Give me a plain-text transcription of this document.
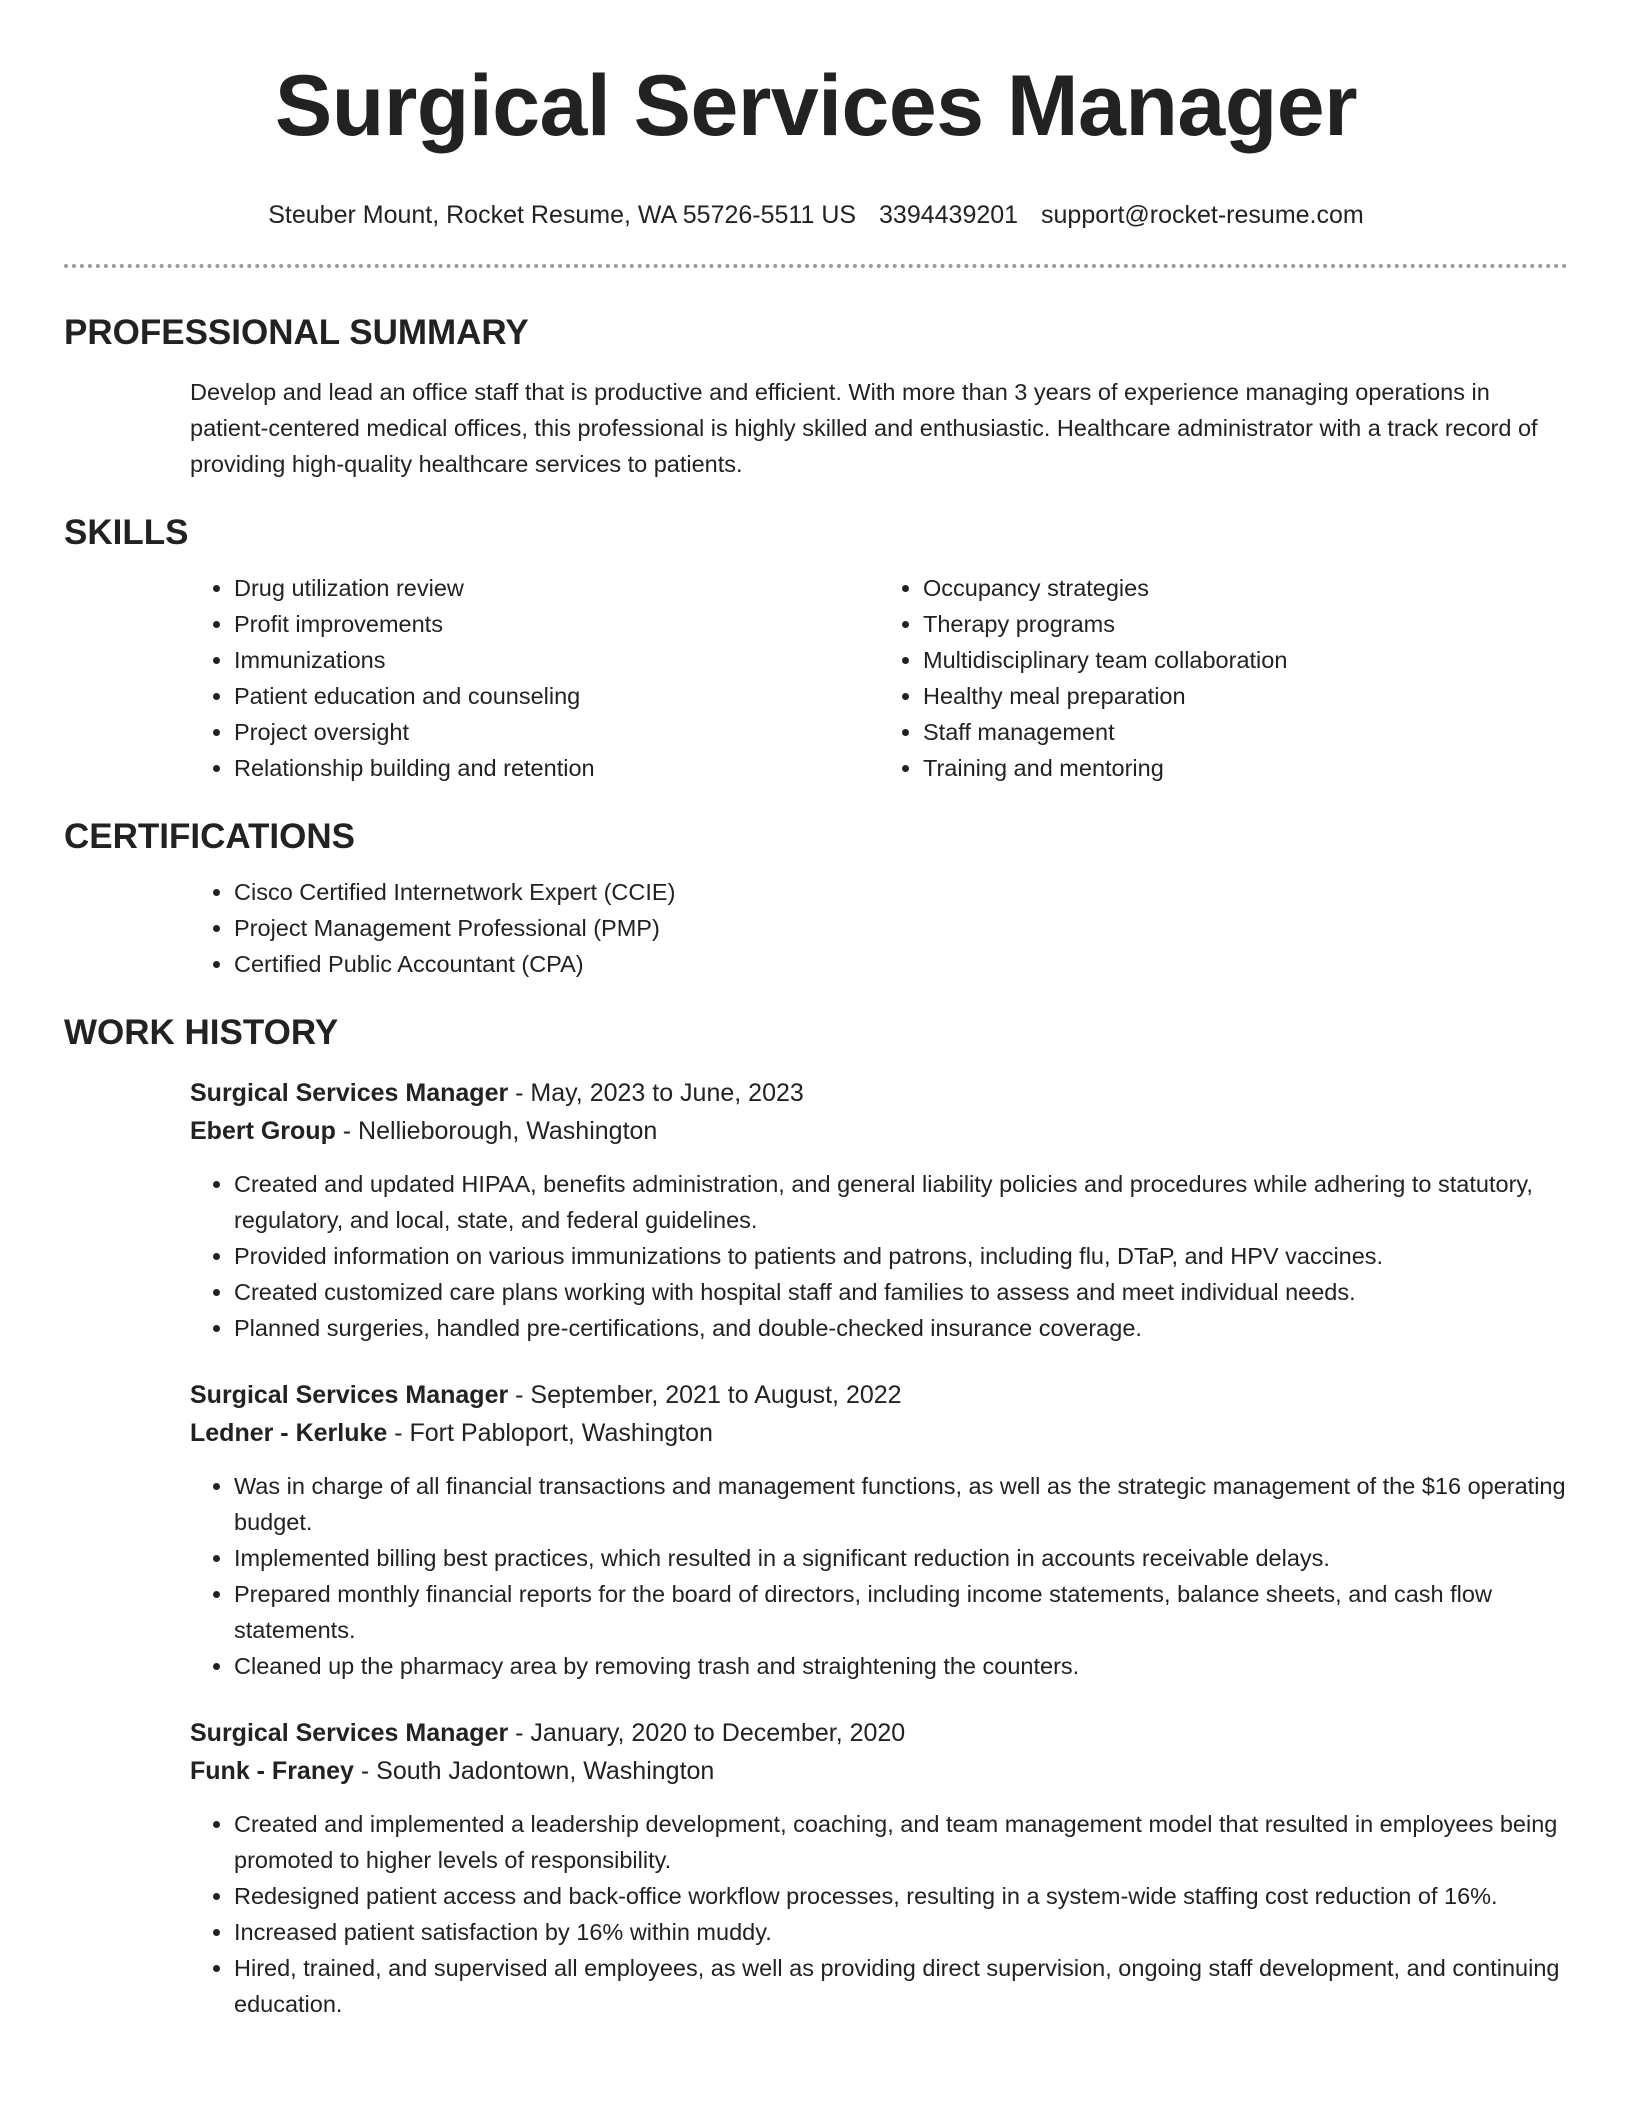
Surgical Services Manager
Steuber Mount, Rocket Resume, WA 55726-5511 US 3394439201 support@rocket-resume.com
PROFESSIONAL SUMMARY

Develop and lead an office staff that is productive and efficient. With more than 3 years of experience managing operations in patient-centered medical offices, this professional is highly skilled and enthusiastic. Healthcare administrator with a track record of providing high-quality healthcare services to patients.

SKILLS
• Drug utilization review
• Profit improvements
• Immunizations
• Patient education and counseling
• Project oversight
• Relationship building and retention
• Occupancy strategies
• Therapy programs
• Multidisciplinary team collaboration
• Healthy meal preparation
• Staff management
• Training and mentoring
CERTIFICATIONS
• Cisco Certified Internetwork Expert (CCIE)
• Project Management Professional (PMP)
• Certified Public Accountant (CPA)
WORK HISTORY
Surgical Services Manager - May, 2023 to June, 2023
Ebert Group - Nellieborough, Washington
• Created and updated HIPAA, benefits administration, and general liability policies and procedures while adhering to statutory, regulatory, and local, state, and federal guidelines.
• Provided information on various immunizations to patients and patrons, including flu, DTaP, and HPV vaccines.
• Created customized care plans working with hospital staff and families to assess and meet individual needs.
• Planned surgeries, handled pre-certifications, and double-checked insurance coverage.
Surgical Services Manager - September, 2021 to August, 2022
Ledner - Kerluke - Fort Pabloport, Washington
• Was in charge of all financial transactions and management functions, as well as the strategic management of the $16 operating budget.
• Implemented billing best practices, which resulted in a significant reduction in accounts receivable delays.
• Prepared monthly financial reports for the board of directors, including income statements, balance sheets, and cash flow statements.
• Cleaned up the pharmacy area by removing trash and straightening the counters.
Surgical Services Manager - January, 2020 to December, 2020
Funk - Franey - South Jadontown, Washington
• Created and implemented a leadership development, coaching, and team management model that resulted in employees being promoted to higher levels of responsibility.
• Redesigned patient access and back-office workflow processes, resulting in a system-wide staffing cost reduction of 16%.
• Increased patient satisfaction by 16% within muddy.
• Hired, trained, and supervised all employees, as well as providing direct supervision, ongoing staff development, and continuing education.
